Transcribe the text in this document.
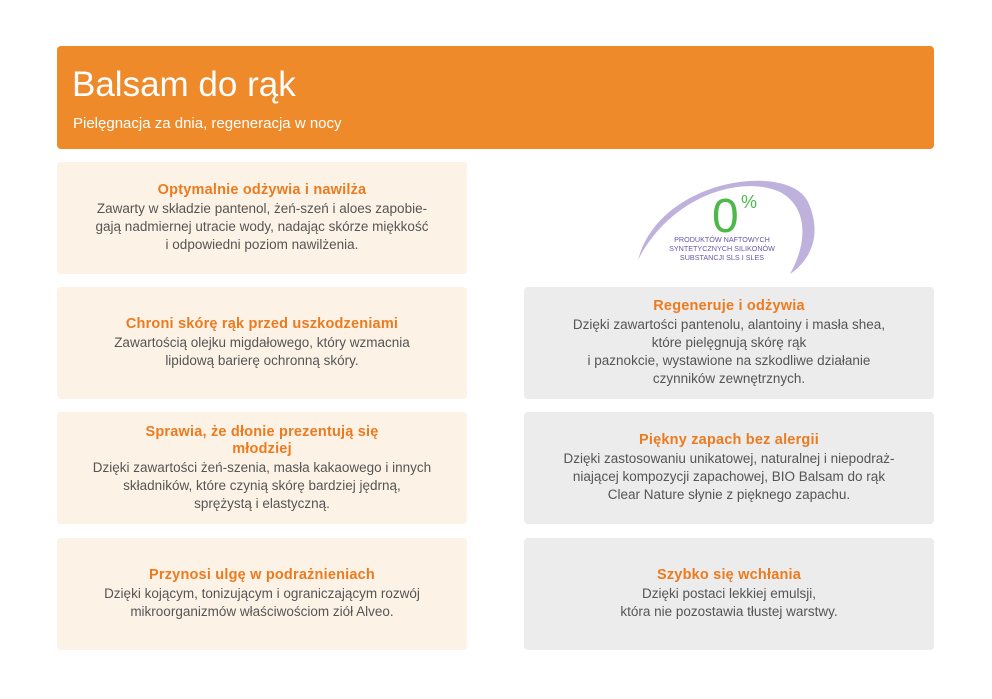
Balsam do rąk
Pielęgnacja za dnia, regeneracja w nocy
0 %
PRODUKTÓW NAFTOWYCH
SYNTETYCZNYCH SILIKONÓW
SUBSTANCJI SLS I SLES
Optymalnie odżywia i nawilża
Zawarty w składzie pantenol, żeń-szeń i aloes zapobie-
gają nadmiernej utracie wody, nadając skórze miękkość
i odpowiedni poziom nawilżenia.
Chroni skórę rąk przed uszkodzeniami
Zawartością olejku migdałowego, który wzmacnia
lipidową barierę ochronną skóry.
Regeneruje i odżywia
Dzięki zawartości pantenolu, alantoiny i masła shea,
które pielęgnują skórę rąk
i paznokcie, wystawione na szkodliwe działanie
czynników zewnętrznych.
Sprawia, że dłonie prezentują się
młodziej
Dzięki zawartości żeń-szenia, masła kakaowego i innych
składników, które czynią skórę bardziej jędrną,
sprężystą i elastyczną.
Piękny zapach bez alergii
Dzięki zastosowaniu unikatowej, naturalnej i niepodraż-
niającej kompozycji zapachowej, BIO Balsam do rąk
Clear Nature słynie z pięknego zapachu.
Przynosi ulgę w podrażnieniach
Dzięki kojącym, tonizującym i ograniczającym rozwój
mikroorganizmów właściwościom ziół Alveo.
Szybko się wchłania
Dzięki postaci lekkiej emulsji,
która nie pozostawia tłustej warstwy.
